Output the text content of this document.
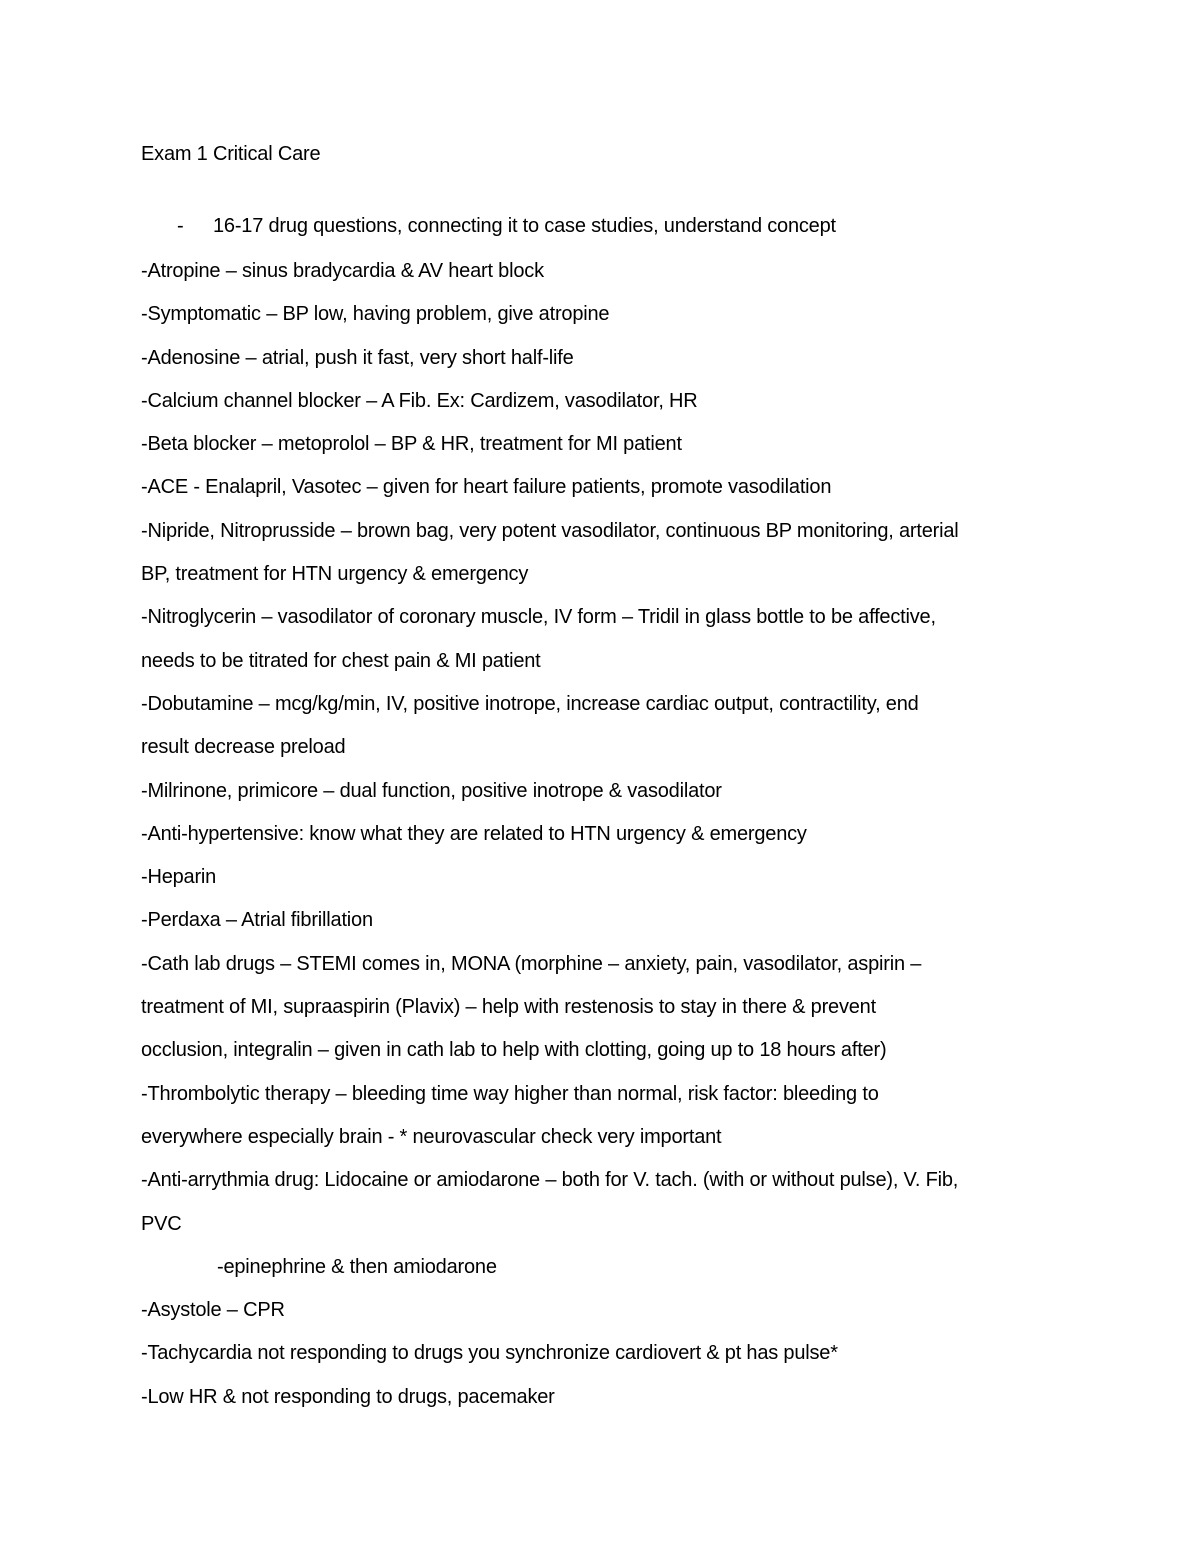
Exam 1 Critical Care
- 16-17 drug questions, connecting it to case studies, understand concept
-Atropine – sinus bradycardia & AV heart block
-Symptomatic – BP low, having problem, give atropine
-Adenosine – atrial, push it fast, very short half-life
-Calcium channel blocker – A Fib. Ex: Cardizem, vasodilator, HR
-Beta blocker – metoprolol – BP & HR, treatment for MI patient
-ACE - Enalapril, Vasotec – given for heart failure patients, promote vasodilation
-Nipride, Nitroprusside – brown bag, very potent vasodilator, continuous BP monitoring, arterial
BP, treatment for HTN urgency & emergency
-Nitroglycerin – vasodilator of coronary muscle, IV form – Tridil in glass bottle to be affective,
needs to be titrated for chest pain & MI patient
-Dobutamine – mcg/kg/min, IV, positive inotrope, increase cardiac output, contractility, end
result decrease preload
-Milrinone, primicore – dual function, positive inotrope & vasodilator
-Anti-hypertensive: know what they are related to HTN urgency & emergency
-Heparin
-Perdaxa – Atrial fibrillation
-Cath lab drugs – STEMI comes in, MONA (morphine – anxiety, pain, vasodilator, aspirin –
treatment of MI, supraaspirin (Plavix) – help with restenosis to stay in there & prevent
occlusion, integralin – given in cath lab to help with clotting, going up to 18 hours after)
-Thrombolytic therapy – bleeding time way higher than normal, risk factor: bleeding to
everywhere especially brain - * neurovascular check very important
-Anti-arrythmia drug: Lidocaine or amiodarone – both for V. tach. (with or without pulse), V. Fib,
PVC
-epinephrine & then amiodarone
-Asystole – CPR
-Tachycardia not responding to drugs you synchronize cardiovert & pt has pulse*
-Low HR & not responding to drugs, pacemaker
